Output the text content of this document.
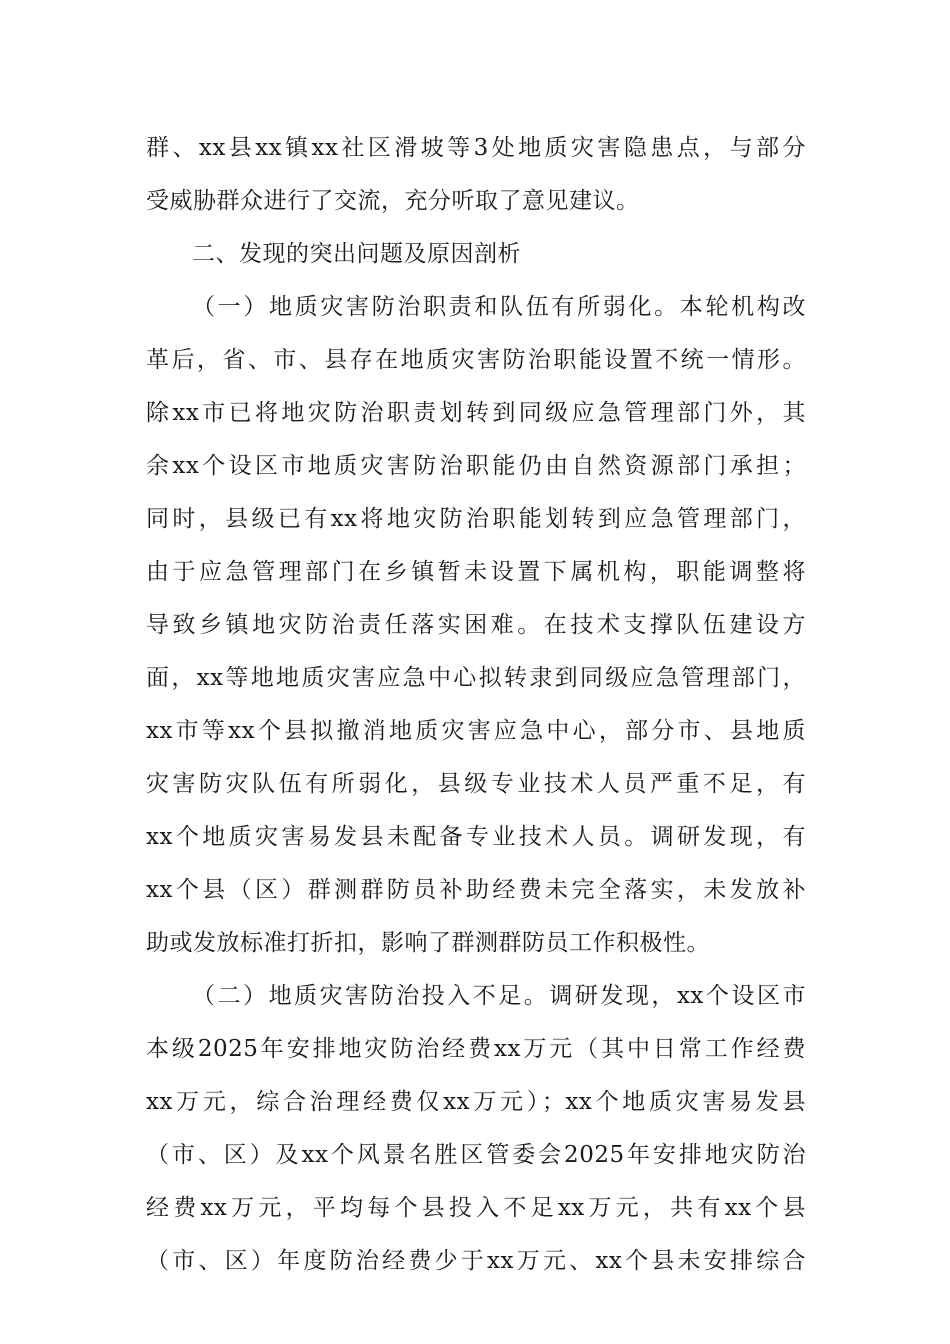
群、xx县xx镇xx社区滑坡等3处地质灾害隐患点，与部分
受威胁群众进行了交流，充分听取了意见建议。
二、发现的突出问题及原因剖析
（一）地质灾害防治职责和队伍有所弱化。本轮机构改
革后，省、市、县存在地质灾害防治职能设置不统一情形。
除xx市已将地灾防治职责划转到同级应急管理部门外，其
余xx个设区市地质灾害防治职能仍由自然资源部门承担；
同时，县级已有xx将地灾防治职能划转到应急管理部门，
由于应急管理部门在乡镇暂未设置下属机构，职能调整将
导致乡镇地灾防治责任落实困难。在技术支撑队伍建设方
面，xx等地地质灾害应急中心拟转隶到同级应急管理部门，
xx市等xx个县拟撤消地质灾害应急中心，部分市、县地质
灾害防灾队伍有所弱化，县级专业技术人员严重不足，有
xx个地质灾害易发县未配备专业技术人员。调研发现，有
xx个县（区）群测群防员补助经费未完全落实，未发放补
助或发放标准打折扣，影响了群测群防员工作积极性。
（二）地质灾害防治投入不足。调研发现，xx个设区市
本级2025年安排地灾防治经费xx万元（其中日常工作经费
xx万元，综合治理经费仅xx万元）；xx个地质灾害易发县
（市、区）及xx个风景名胜区管委会2025年安排地灾防治
经费xx万元，平均每个县投入不足xx万元，共有xx个县
（市、区）年度防治经费少于xx万元、xx个县未安排综合
